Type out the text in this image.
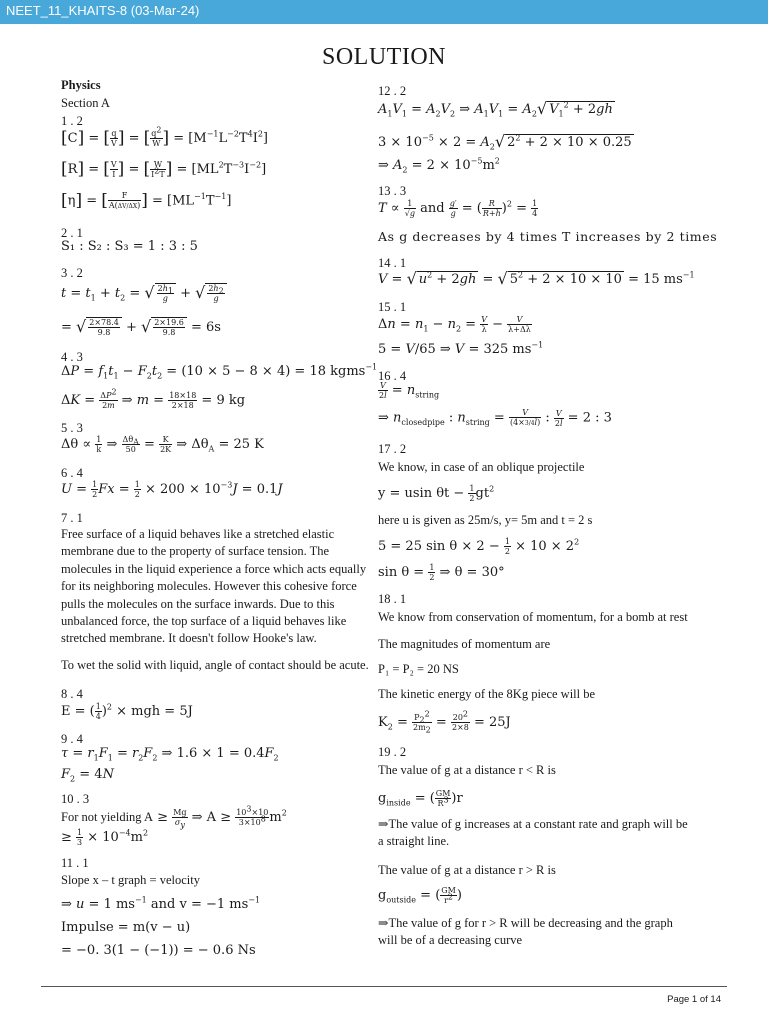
NEET_11_KHAITS-8 (03-Mar-24)
SOLUTION
Physics
Section A
1 . 2
[C] = [ $\frac{q}{V}$ ] = [ $\frac{q^2}{W}$ ] = $[M^{-1}L^{-2}T^4I^2]$
[R] = [ $\frac{V}{I}$ ] = [ $\frac{W}{I^2T}$ ] = $[ML^2T^{-3}I^{-2}]$
[η] = [ $\frac{F}{A(\Delta V/\Delta X)}$ ] = $[ML^{-1}T^{-1}]$
2 . 1
S₁ : S₂ : S₃ = 1 : 3 : 5
3 . 2
$t = t_1 + t_2$ = √ $\frac{2h_1}{g}$ + √ $\frac{2h_2}{g}$
= √ $\frac{2\times 78.4}{9.8}$ + √ $\frac{2\times 19.6}{9.8} = 6s$
4 . 3
$\Delta P = f_1t_1 - F_2t_2 = (10 \times 5 - 8 \times 4) = 18$ kgms$^{-1}$
$\Delta K = \frac{\Delta P^2}{2m}$ ⇒ $m = \frac{18\times 18}{2\times 18} = 9$ kg
5 . 3
$\Delta\theta \propto \frac{1}{k}$ ⇒ $\frac{\Delta\theta_A}{50} = \frac{K}{2K}$ ⇒ $\Delta\theta_A = 25$ K
6 . 4
$U = \frac{1}{2}$ $Fx = \frac{1}{2} \times 200 \times 10^{-3}J = 0.1J$
7 . 1
Free surface of a liquid behaves like a stretched elastic membrane due to the property of surface tension. The molecules in the liquid experience a force which acts equally for its neighboring molecules. However this cohesive force pulls the molecules on the surface inwards. Due to this unbalanced force, the top surface of a liquid behaves like stretched membrane. It doesn't follow Hooke's law.
To wet the solid with liquid, angle of contact should be acute.
8 . 4
E = ( $\frac{1}{4} )^2$ × mgh = 5J
9 . 4
$\tau = r_1F_1 = r_2F_2$ ⇒ $1.6 \times 1 = 0.4F_2$
$F_2 = 4N$
10 . 3
For not yielding $A \ge \frac{Mg}{\sigma_y}$ ⇒ $A \ge \frac{10^3\times 10}{3\times 10^8} m^2$
≥ $\frac{1}{3} \times 10^{-4}m^2$
11 . 1
Slope x – t graph = velocity
⇒ u = 1 $ms^{-1}$ and v = −1 $ms^{-1}$
Impulse = m(v − u)
= −0. 3(1 − (−1)) = − 0.6 Ns
12 . 2
$A_1V_1 = A_2V_2$ ⇒ $A_1V_1 = A_2√$ $V_1^2 + 2gh$
$3 \times 10^{-5} \times 2 = A_2√$ $2^2 + 2 \times 10 \times 0.25$
⇒ $A_2 = 2 \times 10^{-5}m^2$
13 . 3
$T \propto \frac{1}{√g}$ and $\frac{g'}{g}$ = ( $\frac{R}{R+h} )^2 = \frac{1}{4}$
As g decreases by 4 times T increases by 2 times
14 . 1
V = √ $u^2 + 2gh$ = √ $5^2 + 2 \times 10 \times 10 = 15$ $ms^{-1}$
15 . 1
$\Delta n = n_1 - n_2 = \frac{V}{\lambda} - \frac{V}{\lambda+\Delta\lambda}$
5 = V/65 ⇒ V = 325 $ms^{-1}$
16 . 4
$\frac{V}{2l} = n_{string}$
⇒ $n_{closedpipe}$ : $n_{string} = \frac{V}{(4\times 3/4l)}$ : $\frac{V}{2l} = 2$ : 3
17 . 2
We know, in case of an oblique projectile
y = usin $\theta t - \frac{1}{2} gt^2$
here u is given as 25m/s, y= 5m and t = 2 s
5 = 25 $\sin \theta \times 2 - \frac{1}{2} \times 10 \times 2^2$
$\sin \theta = \frac{1}{2}$ ⇒ θ = 30°
18 . 1
We know from conservation of momentum, for a bomb at rest
The magnitudes of momentum are
P₁ = P₂ = 20 NS
The kinetic energy of the 8Kg piece will be
$K_2 = \frac{P_2^2}{2m_2} = \frac{20^2}{2\times 8} = 25J$
19 . 2
The value of g at a distance r < R is
$g_{inside}$ = ( $\frac{GM}{R^3} )r$
⇒The value of g increases at a constant rate and graph will be a straight line.
The value of g at a distance r > R is
$g_{outside}$ = ( $\frac{GM}{r^2}$ )
⇒The value of g for r > R will be decreasing and the graph will be of a decreasing curve
Page 1 of 14
